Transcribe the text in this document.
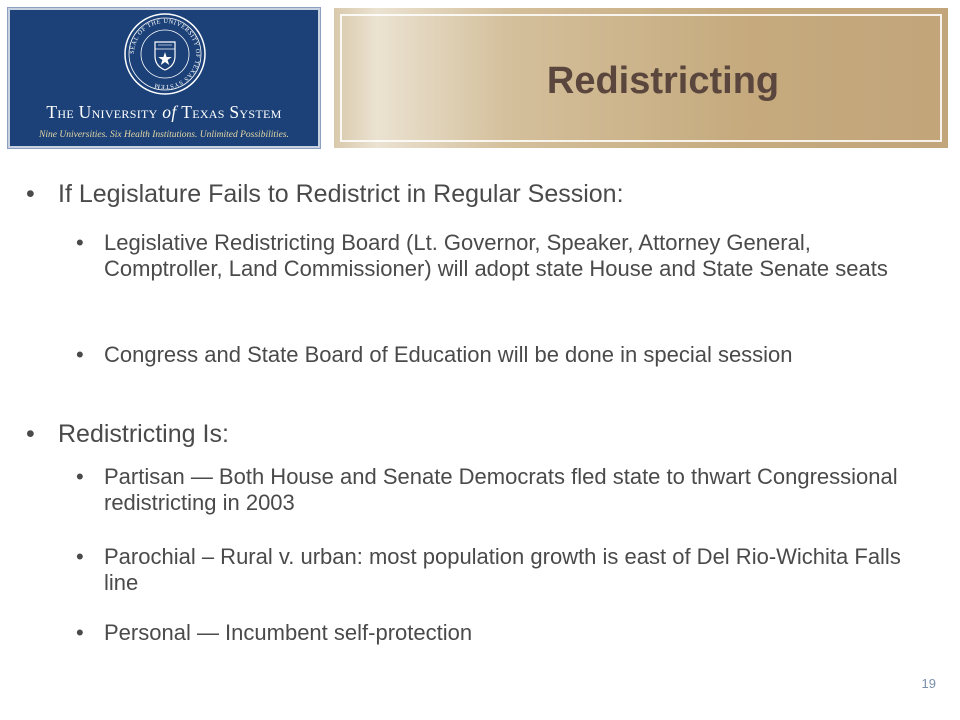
SEAL OF THE UNIVERSITY OF TEXAS SYSTEM
The University of Texas System
Nine Universities. Six Health Institutions. Unlimited Possibilities.
Redistricting
• If Legislature Fails to Redistrict in Regular Session:
• Legislative Redistricting Board (Lt. Governor, Speaker, Attorney General, Comptroller, Land Commissioner) will adopt state House and State Senate seats
• Congress and State Board of Education will be done in special session
• Redistricting Is:
• Partisan — Both House and Senate Democrats fled state to thwart Congressional redistricting in 2003
• Parochial – Rural v. urban: most population growth is east of Del Rio-Wichita Falls line
• Personal — Incumbent self-protection
19
